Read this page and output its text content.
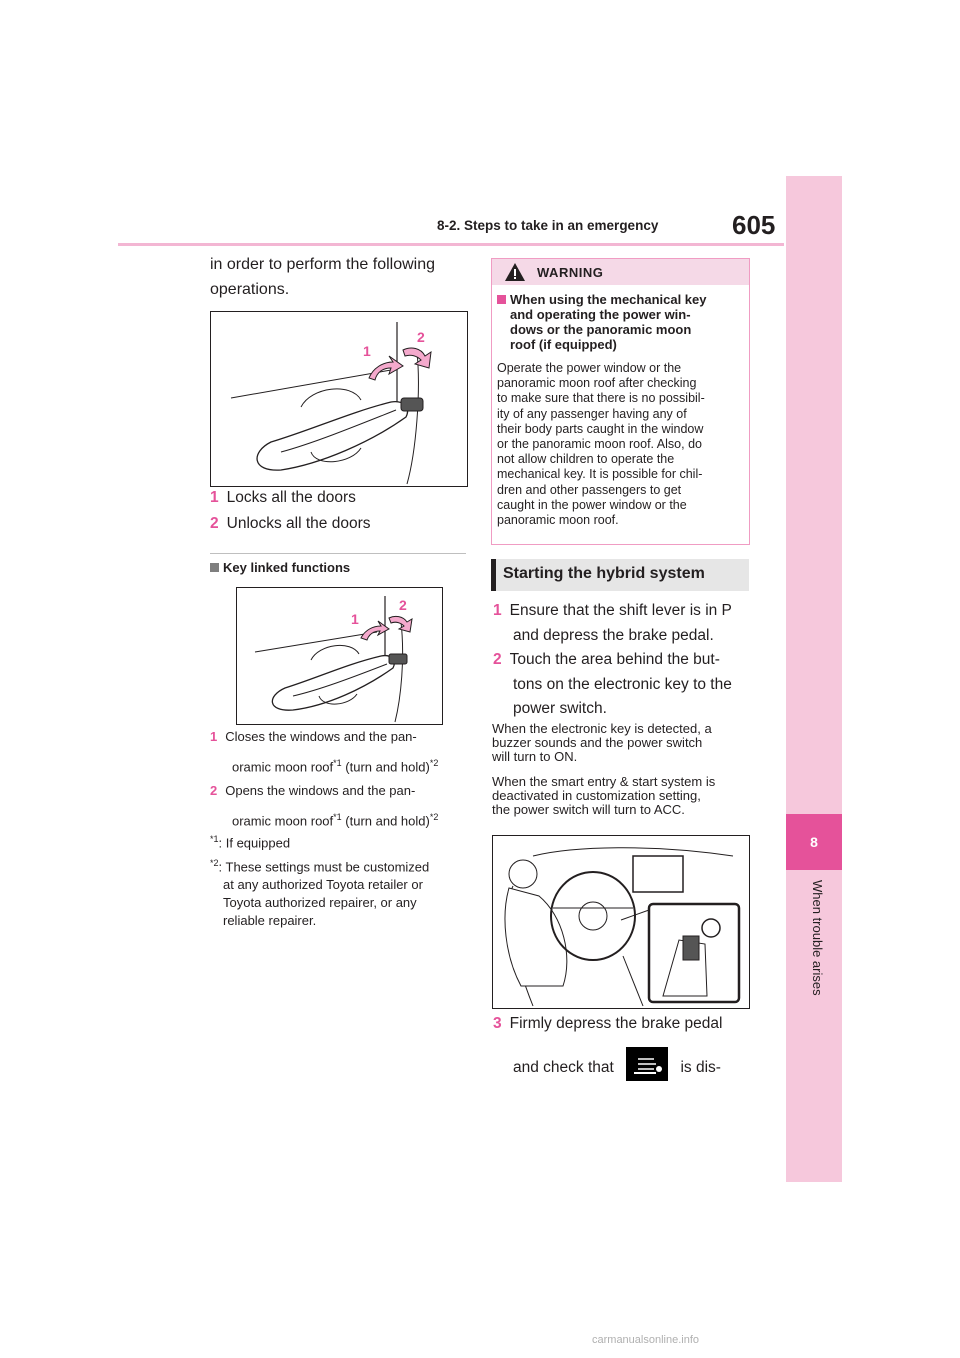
8-2. Steps to take in an emergency	605
8
When trouble arises
in order to perform the following
operations.
1
2
1 Locks all the doors
2 Unlocks all the doors
Key linked functions
1
2
1 Closes the windows and the pan-
oramic moon roof$^{*1}$ (turn and hold)$^{*2}$
2 Opens the windows and the pan-
oramic moon roof$^{*1}$ (turn and hold)$^{*2}$
$^{*1}$: If equipped
$^{*2}$: These settings must be customized
at any authorized Toyota retailer or
Toyota authorized repairer, or any
reliable repairer.
WARNING
When using the mechanical key
and operating the power win-
dows or the panoramic moon
roof (if equipped)
Operate the power window or the
panoramic moon roof after checking
to make sure that there is no possibil-
ity of any passenger having any of
their body parts caught in the window
or the panoramic moon roof. Also, do
not allow children to operate the
mechanical key. It is possible for chil-
dren and other passengers to get
caught in the power window or the
panoramic moon roof.
Starting the hybrid system
1 Ensure that the shift lever is in P
and depress the brake pedal.
2 Touch the area behind the but-
tons on the electronic key to the
power switch.
When the electronic key is detected, a
buzzer sounds and the power switch
will turn to ON.
When the smart entry & start system is
deactivated in customization setting,
the power switch will turn to ACC.
3 Firmly depress the brake pedal
and check that	is dis-
carmanualsonline.info
